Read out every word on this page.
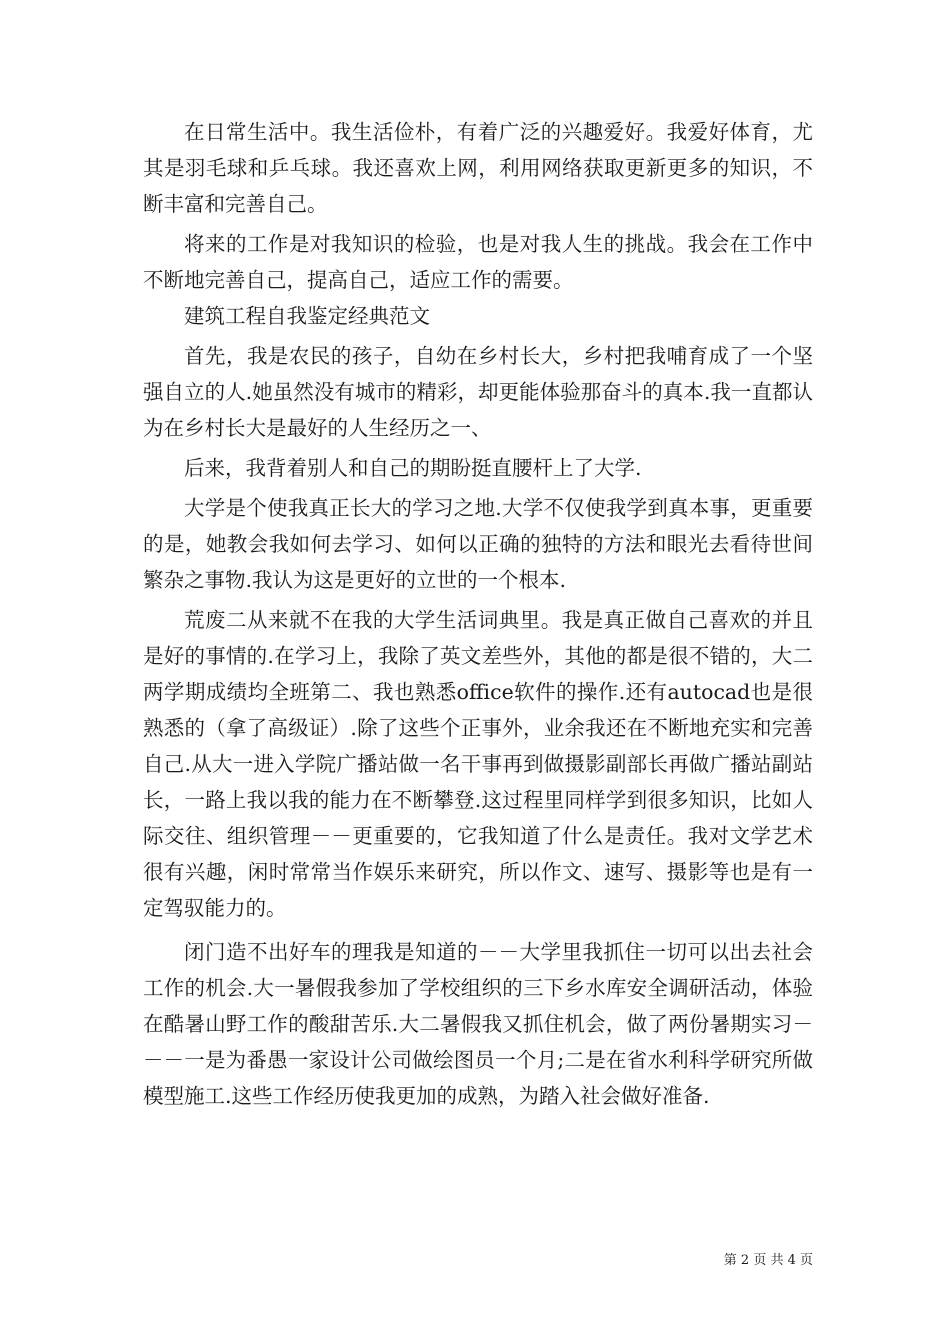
在日常生活中。我生活俭朴，有着广泛的兴趣爱好。我爱好体育，尤其是羽毛球和乒乓球。我还喜欢上网，利用网络获取更新更多的知识，不断丰富和完善自己。

将来的工作是对我知识的检验，也是对我人生的挑战。我会在工作中不断地完善自己，提高自己，适应工作的需要。

建筑工程自我鉴定经典范文

首先，我是农民的孩子，自幼在乡村长大，乡村把我哺育成了一个坚强自立的人.她虽然没有城市的精彩，却更能体验那奋斗的真本.我一直都认为在乡村长大是最好的人生经历之一、

后来，我背着别人和自己的期盼挺直腰杆上了大学.

大学是个使我真正长大的学习之地.大学不仅使我学到真本事，更重要的是，她教会我如何去学习、如何以正确的独特的方法和眼光去看待世间繁杂之事物.我认为这是更好的立世的一个根本.

荒废二从来就不在我的大学生活词典里。我是真正做自己喜欢的并且是好的事情的.在学习上，我除了英文差些外，其他的都是很不错的，大二两学期成绩均全班第二、我也熟悉office软件的操作.还有autocad也是很熟悉的（拿了高级证）.除了这些个正事外，业余我还在不断地充实和完善自己.从大一进入学院广播站做一名干事再到做摄影副部长再做广播站副站长，一路上我以我的能力在不断攀登.这过程里同样学到很多知识，比如人际交往、组织管理－－更重要的，它我知道了什么是责任。我对文学艺术很有兴趣，闲时常常当作娱乐来研究，所以作文、速写、摄影等也是有一定驾驭能力的。

闭门造不出好车的理我是知道的－－大学里我抓住一切可以出去社会工作的机会.大一暑假我参加了学校组织的三下乡水库安全调研活动，体验在酷暑山野工作的酸甜苦乐.大二暑假我又抓住机会，做了两份暑期实习－－－一是为番愚一家设计公司做绘图员一个月;二是在省水利科学研究所做模型施工.这些工作经历使我更加的成熟，为踏入社会做好准备.

第 2 页 共 4 页
